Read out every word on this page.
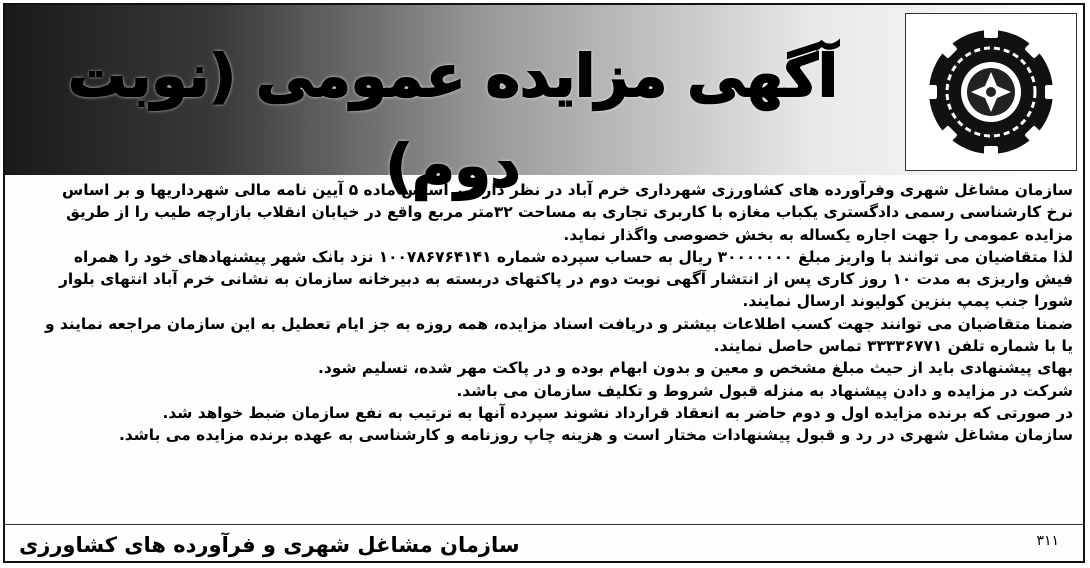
آگهی مزایده عمومی (نوبت دوم)

سازمان مشاغل شهری وفرآورده های کشاورزی شهرداری خرم آباد در نظر دارد بر اساس ماده ۵ آیین نامه مالی شهرداریها و بر اساس نرخ کارشناسی رسمی دادگستری یکباب مغازه با کاربری تجاری به مساحت ۳۲متر مربع واقع در خیابان انقلاب بازارچه طیب را از طریق مزایده عمومی را جهت اجاره یکساله به بخش خصوصی واگذار نماید.

لذا متقاضیان می توانند با واریز مبلغ ۳۰۰۰۰۰۰۰ ریال به حساب سپرده شماره ۱۰۰۷۸۶۷۶۴۱۴۱ نزد بانک شهر پیشنهادهای خود را همراه فیش واریزی به مدت ۱۰ روز کاری پس از انتشار آگهی نوبت دوم در پاکتهای دربسته به دبیرخانه سازمان به نشانی خرم آباد انتهای بلوار شورا جنب پمپ بنزین کولیوند ارسال نمایند.

ضمنا متقاضیان می توانند جهت کسب اطلاعات بیشتر و دریافت اسناد مزایده، همه روزه به جز ایام تعطیل به این سازمان مراجعه نمایند و یا با شماره تلفن ۳۳۳۳۶۷۷۱ تماس حاصل نمایند.

بهای پیشنهادی باید از حیث مبلغ مشخص و معین و بدون ابهام بوده و در پاکت مهر شده، تسلیم شود.

شرکت در مزایده و دادن پیشنهاد به منزله قبول شروط و تکلیف سازمان می باشد.

در صورتی که برنده مزایده اول و دوم حاضر به انعقاد قرارداد نشوند سپرده آنها به ترتیب به نفع سازمان ضبط خواهد شد.

سازمان مشاغل شهری در رد و قبول پیشنهادات مختار است و هزینه چاپ روزنامه و کارشناسی به عهده برنده مزایده می باشد.

سازمان مشاغل شهری و فرآورده های کشاورزی	۳۱۱
